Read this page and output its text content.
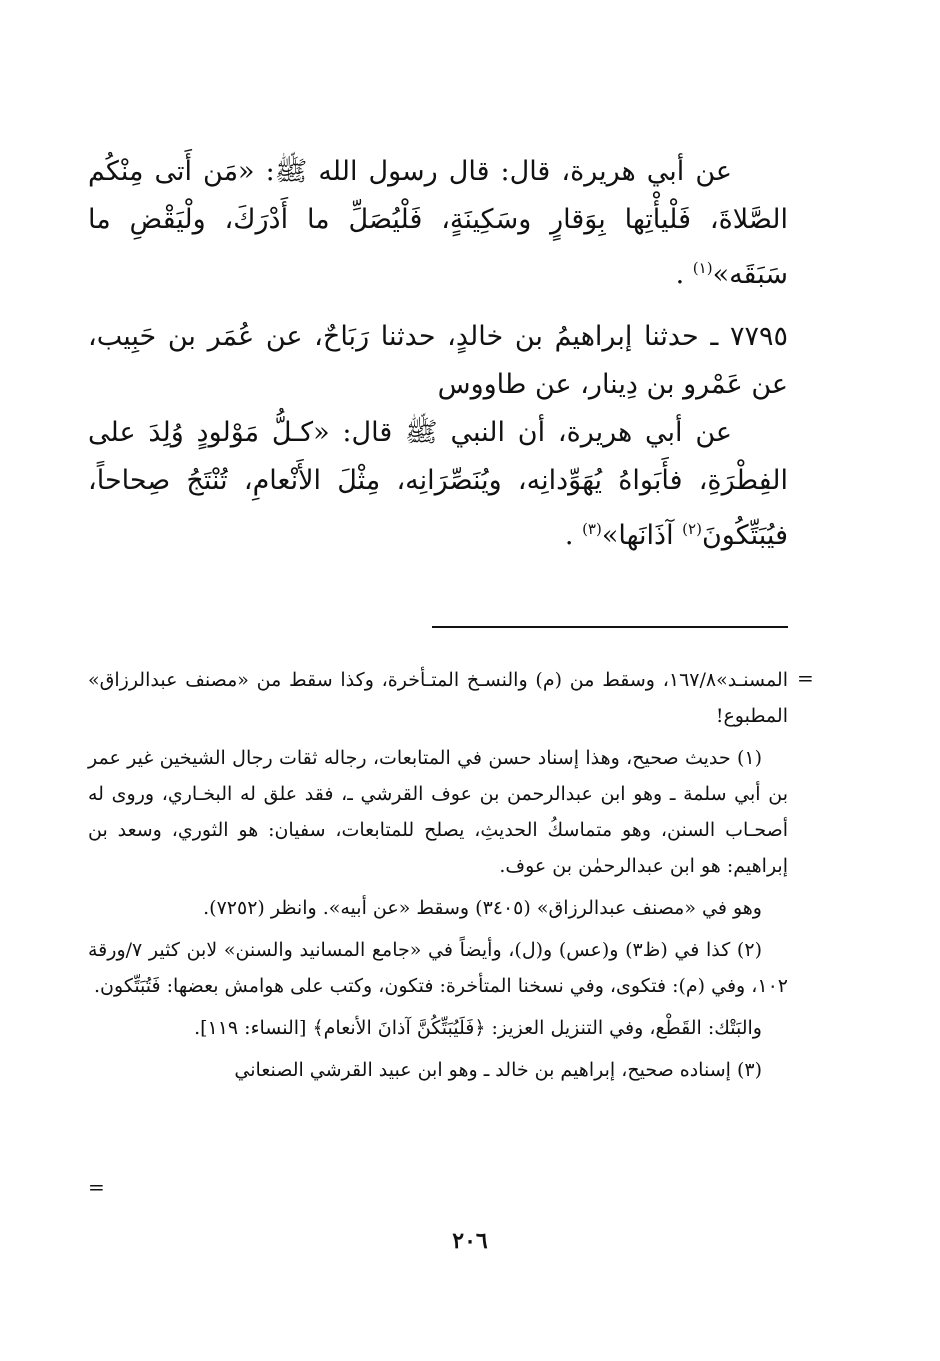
عن أبي هريرة، قال: قال رسول الله ﷺ: «مَن أَتى مِنْكُم الصَّلاةَ، فَلْيأْتِها بِوَقارٍ وسَكِينَةٍ، فَلْيُصَلِّ ما أَدْرَكَ، ولْيَقْضِ ما سَبَقَه»$^{(١)}$ .

٧٧٩٥ ـ حدثنا إبراهيمُ بن خالدٍ، حدثنا رَبَاحٌ، عن عُمَر بن حَبِيب، عن عَمْرو بن دِينار، عن طاووس

عن أبي هريرة، أن النبي ﷺ قال: «كـلُّ مَوْلودٍ وُلِدَ على الفِطْرَةِ، فأَبَواهُ يُهَوِّدانِه، ويُنَصِّرَانِه، مِثْلَ الأَنْعامِ، تُنْتَجُ صِحاحاً، فيُبَتِّكُونَ$^{(٢)}$ آذَانَها»$^{(٣)}$ .

=

المسنـد»١٦٧/٨، وسقط من (م) والنسـخ المتـأخرة، وكذا سقط من «مصنف عبدالرزاق» المطبوع!

(١) حديث صحيح، وهذا إسناد حسن في المتابعات، رجاله ثقات رجال الشيخين غير عمر بن أبي سلمة ـ وهو ابن عبدالرحمن بن عوف القرشي ـ، فقد علق له البخـاري، وروى له أصحـاب السنن، وهو متماسكُ الحديثِ، يصلح للمتابعات، سفيان: هو الثوري، وسعد بن إبراهيم: هو ابن عبدالرحمٰن بن عوف.

وهو في «مصنف عبدالرزاق» (٣٤٠٥) وسقط «عن أبيه». وانظر (٧٢٥٢).

(٢) كذا في (ظ٣) و(عس) و(ل)، وأيضاً في «جامع المسانيد والسنن» لابن كثير ٧/ورقة ١٠٢، وفي (م): فتكوى، وفي نسخنا المتأخرة: فتكون، وكتب على هوامش بعضها: فَتُبَتِّكون.

والبَتْك: القَطْع، وفي التنزيل العزيز: ﴿فَلَيُبَتِّكُنَّ آذانَ الأنعام﴾ [النساء: ١١٩].

(٣) إسناده صحيح، إبراهيم بن خالد ـ وهو ابن عبيد القرشي الصنعاني

=
٢٠٦
